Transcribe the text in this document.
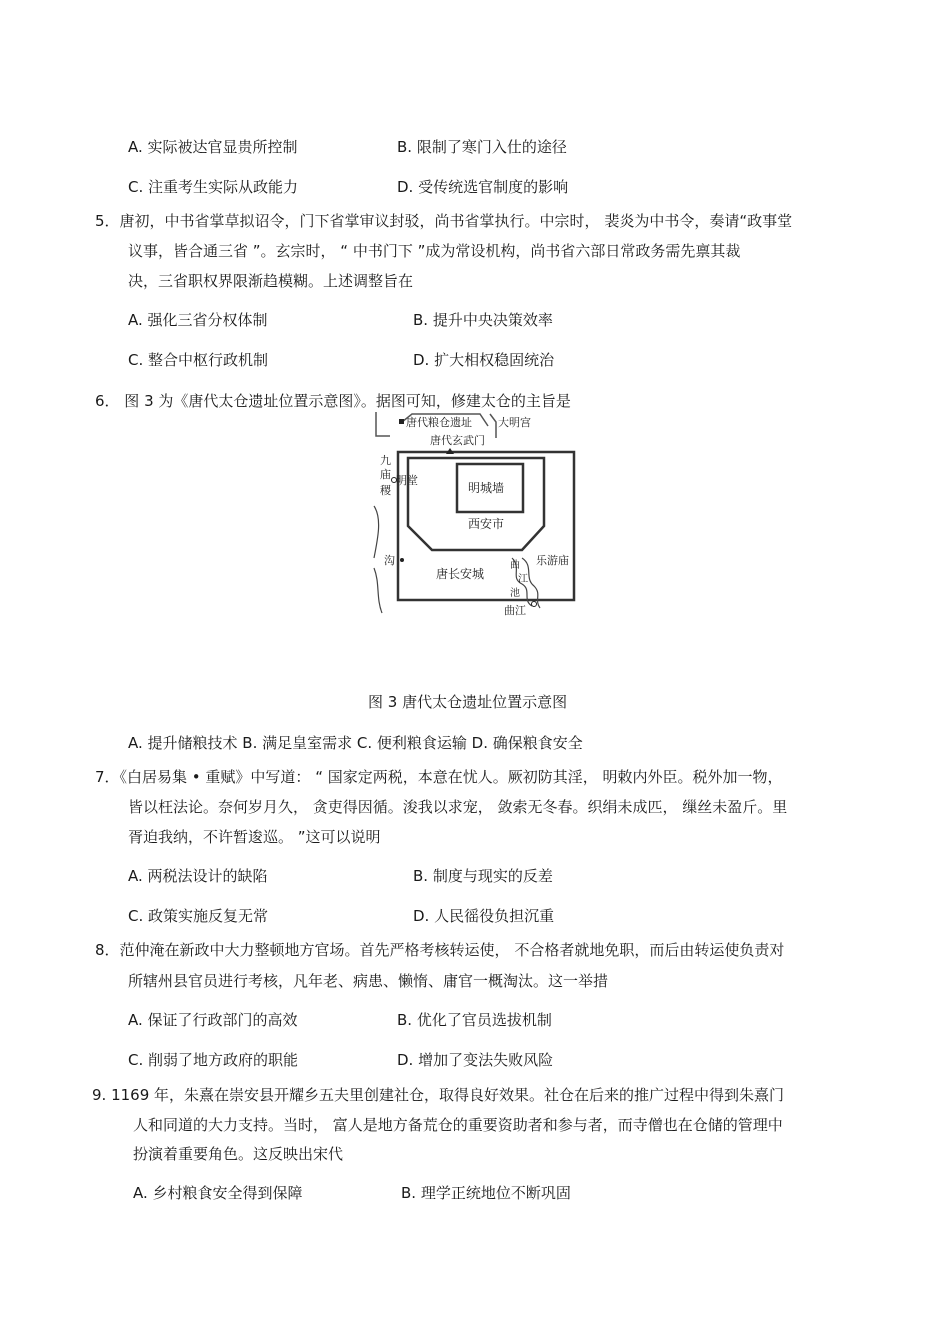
A. 实际被达官显贵所控制	B. 限制了寒门入仕的途径
C. 注重考生实际从政能力	D. 受传统选官制度的影响
5．唐初，中书省掌草拟诏令，门下省掌审议封驳，尚书省掌执行。中宗时， 裴炎为中书令，奏请“政事堂
议事，皆合通三省 ”。玄宗时， “ 中书门下 ”成为常设机构，尚书省六部日常政务需先禀其裁
决，三省职权界限渐趋模糊。上述调整旨在
A. 强化三省分权体制	B. 提升中央决策效率
C. 整合中枢行政机制	D. 扩大相权稳固统治
6． 图 3 为《唐代太仓遗址位置示意图》。据图可知，修建太仓的主旨是
唐代粮仓遗址 大明宫
唐代玄武门
九
庙
稷
明堂
明城墙
西安市
沟	乐游庙
唐长安城
曲
江
池
曲江
图 3 唐代太仓遗址位置示意图
A. 提升储粮技术 B. 满足皇室需求 C. 便利粮食运输 D. 确保粮食安全
7．《白居易集 • 重赋》中写道： “ 国家定两税，本意在忧人。厥初防其淫， 明敕内外臣。税外加一物，
皆以枉法论。奈何岁月久， 贪吏得因循。浚我以求宠， 敛索无冬春。织绢未成匹， 缫丝未盈斤。里
胥迫我纳，不许暂逡巡。 ”这可以说明
A. 两税法设计的缺陷	B. 制度与现实的反差
C. 政策实施反复无常	D. 人民徭役负担沉重
8．范仲淹在新政中大力整顿地方官场。首先严格考核转运使， 不合格者就地免职，而后由转运使负责对
所辖州县官员进行考核，凡年老、病患、懒惰、庸官一概淘汰。这一举措
A. 保证了行政部门的高效	B. 优化了官员选拔机制
C. 削弱了地方政府的职能	D. 增加了变法失败风险
9. 1169 年，朱熹在崇安县开耀乡五夫里创建社仓，取得良好效果。社仓在后来的推广过程中得到朱熹门
人和同道的大力支持。当时， 富人是地方备荒仓的重要资助者和参与者，而寺僧也在仓储的管理中
扮演着重要角色。这反映出宋代
A. 乡村粮食安全得到保障	B. 理学正统地位不断巩固
